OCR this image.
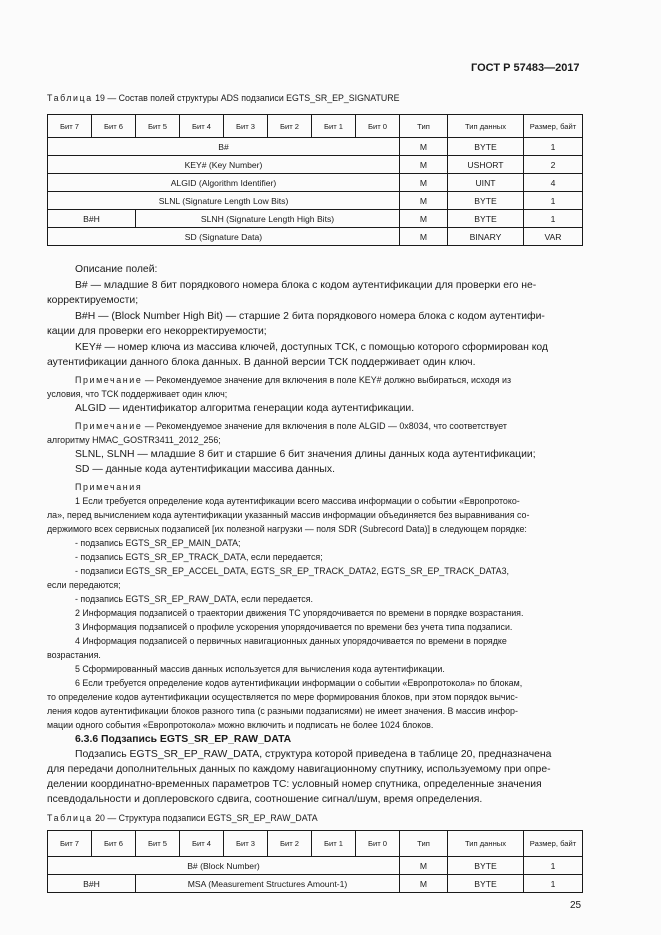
ГОСТ Р 57483—2017
Таблица 19 — Состав полей структуры ADS подзаписи EGTS_SR_EP_SIGNATURE
Бит 7	Бит 6	Бит 5	Бит 4	Бит 3	Бит 2	Бит 1	Бит 0	Тип	Тип данных	Размер, байт
B#								M	BYTE	1
KEY# (Key Number)								M	USHORT	2
ALGID (Algorithm Identifier)								M	UINT	4
SLNL (Signature Length Low Bits)								M	BYTE	1
B#H		SLNH (Signature Length High Bits)						M	BYTE	1
SD (Signature Data)								M	BINARY	VAR
Описание полей:
B# — младшие 8 бит порядкового номера блока с кодом аутентификации для проверки его не-
корректируемости;
B#H — (Block Number High Bit) — старшие 2 бита порядкового номера блока с кодом аутентифи-
кации для проверки его некорректируемости;
KEY# — номер ключа из массива ключей, доступных ТСК, с помощью которого сформирован код
аутентификации данного блока данных. В данной версии ТСК поддерживает один ключ.
Примечание — Рекомендуемое значение для включения в поле KEY# должно выбираться, исходя из
условия, что ТСК поддерживает один ключ;
ALGID — идентификатор алгоритма генерации кода аутентификации.
Примечание — Рекомендуемое значение для включения в поле ALGID — 0x8034, что соответствует
алгоритму HMAC_GOSTR3411_2012_256;
SLNL, SLNH — младшие 8 бит и старшие 6 бит значения длины данных кода аутентификации;
SD — данные кода аутентификации массива данных.
Примечания
1 Если требуется определение кода аутентификации всего массива информации о событии «Европротоко-
ла», перед вычислением кода аутентификации указанный массив информации объединяется без выравнивания со-
держимого всех сервисных подзаписей [их полезной нагрузки — поля SDR (Subrecord Data)] в следующем порядке:
- подзапись EGTS_SR_EP_MAIN_DATA;
- подзапись EGTS_SR_EP_TRACK_DATA, если передается;
- подзаписи EGTS_SR_EP_ACCEL_DATA, EGTS_SR_EP_TRACK_DATA2, EGTS_SR_EP_TRACK_DATA3,
если передаются;
- подзапись EGTS_SR_EP_RAW_DATA, если передается.
2 Информация подзаписей о траектории движения ТС упорядочивается по времени в порядке возрастания.
3 Информация подзаписей о профиле ускорения упорядочивается по времени без учета типа подзаписи.
4 Информация подзаписей о первичных навигационных данных упорядочивается по времени в порядке
возрастания.
5 Сформированный массив данных используется для вычисления кода аутентификации.
6 Если требуется определение кодов аутентификации информации о событии «Европротокола» по блокам,
то определение кодов аутентификации осуществляется по мере формирования блоков, при этом порядок вычис-
ления кодов аутентификации блоков разного типа (с разными подзаписями) не имеет значения. В массив инфор-
мации одного события «Европротокола» можно включить и подписать не более 1024 блоков.
6.3.6 Подзапись EGTS_SR_EP_RAW_DATA
Подзапись EGTS_SR_EP_RAW_DATA, структура которой приведена в таблице 20, предназначена
для передачи дополнительных данных по каждому навигационному спутнику, используемому при опре-
делении координатно-временных параметров ТС: условный номер спутника, определенные значения
псевдодальности и доплеровского сдвига, соотношение сигнал/шум, время определения.
Таблица 20 — Структура подзаписи EGTS_SR_EP_RAW_DATA
Бит 7	Бит 6	Бит 5	Бит 4	Бит 3	Бит 2	Бит 1	Бит 0	Тип	Тип данных	Размер, байт
B# (Block Number)								M	BYTE	1
B#H		MSA (Measurement Structures Amount-1)						M	BYTE	1
25
